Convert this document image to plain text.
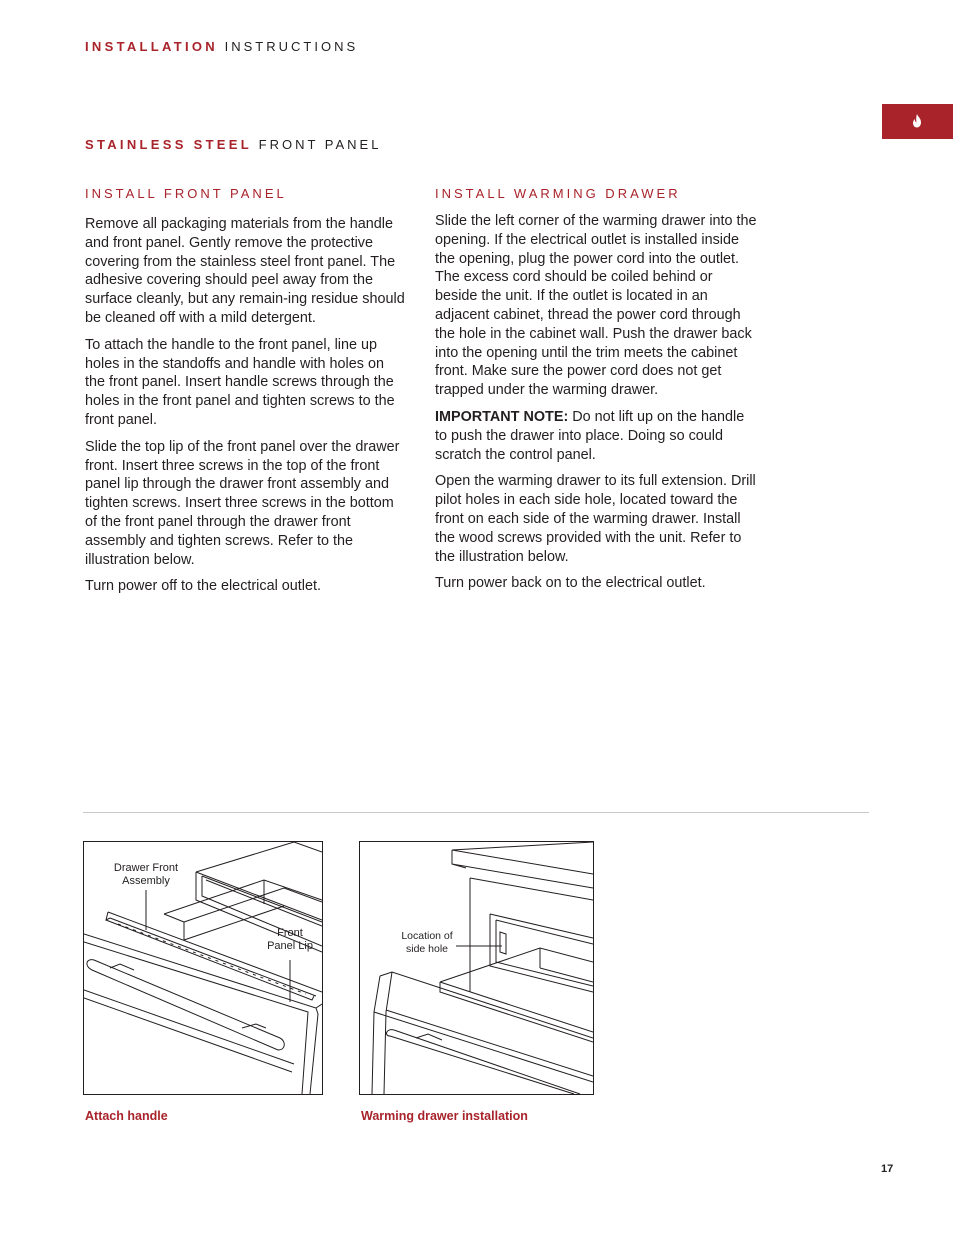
INSTALLATION INSTRUCTIONS
STAINLESS STEEL FRONT PANEL
INSTALL FRONT PANEL

Remove all packaging materials from the handle and front panel. Gently remove the protective covering from the stainless steel front panel. The adhesive covering should peel away from the surface cleanly, but any remain-ing residue should be cleaned off with a mild detergent.

To attach the handle to the front panel, line up holes in the standoffs and handle with holes on the front panel. Insert handle screws through the holes in the front panel and tighten screws to the front panel.

Slide the top lip of the front panel over the drawer front. Insert three screws in the top of the front panel lip through the drawer front assembly and tighten screws. Insert three screws in the bottom of the front panel through the drawer front assembly and tighten screws. Refer to the illustration below.

Turn power off to the electrical outlet.

INSTALL WARMING DRAWER

Slide the left corner of the warming drawer into the opening. If the electrical outlet is installed inside the opening, plug the power cord into the outlet. The excess cord should be coiled behind or beside the unit. If the outlet is located in an adjacent cabinet, thread the power cord through the hole in the cabinet wall. Push the drawer back into the opening until the trim meets the cabinet front. Make sure the power cord does not get trapped under the warming drawer.

IMPORTANT NOTE: Do not lift up on the handle to push the drawer into place. Doing so could scratch the control panel.

Open the warming drawer to its full extension. Drill pilot holes in each side hole, located toward the front on each side of the warming drawer. Install the wood screws provided with the unit. Refer to the illustration below.

Turn power back on to the electrical outlet.

Drawer Front
Assembly
Front
Panel Lip
Attach handle
Location of
side hole
Warming drawer installation
17
